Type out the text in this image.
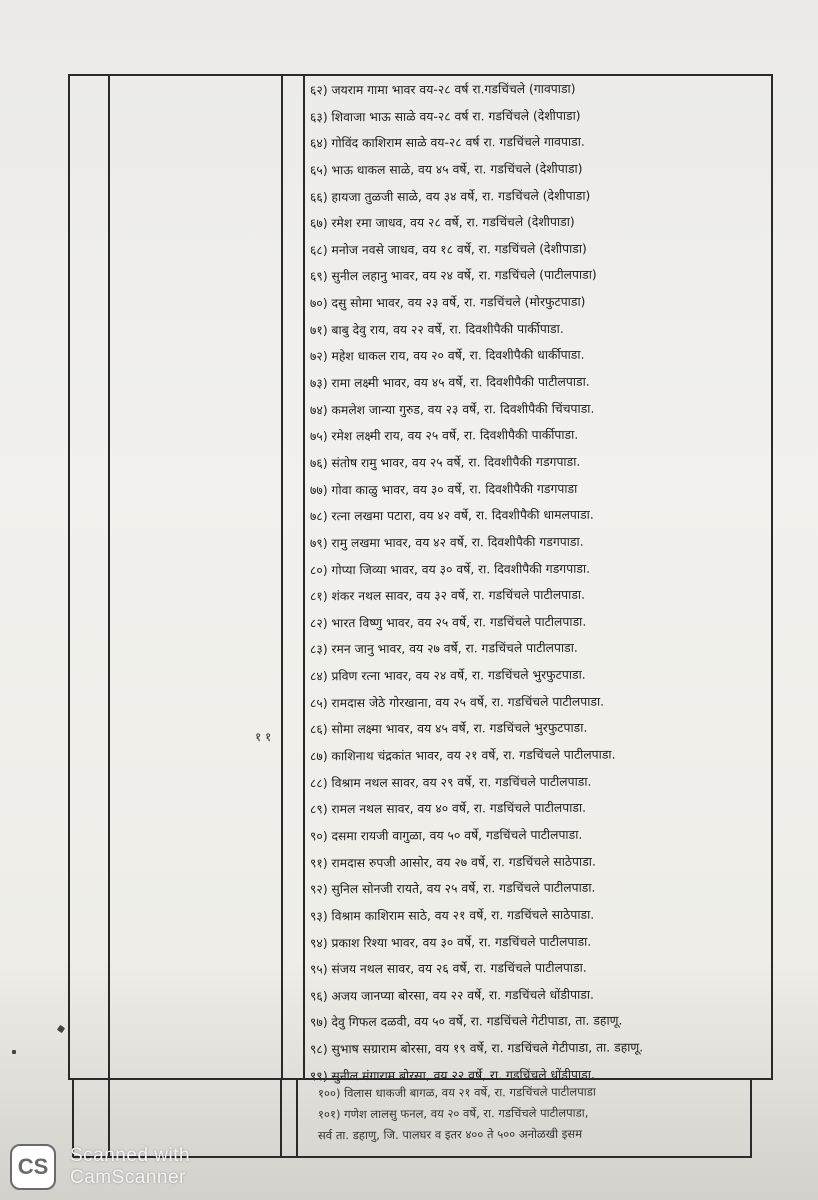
६२) जयराम गामा भावर वय-२८ वर्ष रा.गडचिंचले (गावपाडा)
६३) शिवाजा भाऊ साळे वय-२८ वर्ष रा. गडचिंचले (देशीपाडा)
६४) गोविंद काशिराम साळे वय-२८ वर्ष रा. गडचिंचले गावपाडा.
६५) भाऊ धाकल साळे, वय ४५ वर्षे, रा. गडचिंचले (देशीपाडा)
६६) हायजा तुळजी साळे, वय ३४ वर्षे, रा. गडचिंचले (देशीपाडा)
६७) रमेश रमा जाधव, वय २८ वर्षे, रा. गडचिंचले (देशीपाडा)
६८) मनोज नवसे जाधव, वय १८ वर्षे, रा. गडचिंचले (देशीपाडा)
६९) सुनील लहानु भावर, वय २४ वर्षे, रा. गडचिंचले (पाटीलपाडा)
७०) दसु सोमा भावर, वय २३ वर्षे, रा. गडचिंचले (मोरफुटपाडा)
७१) बाबु देवु राय, वय २२ वर्षे, रा. दिवशीपैकी पार्कीपाडा.
७२) महेश धाकल राय, वय २० वर्षे, रा. दिवशीपैकी धार्कीपाडा.
७३) रामा लक्ष्मी भावर, वय ४५ वर्षे, रा. दिवशीपैकी पाटीलपाडा.
७४) कमलेश जान्या गुरुड, वय २३ वर्षे, रा. दिवशीपैकी चिंचपाडा.
७५) रमेश लक्ष्मी राय, वय २५ वर्षे, रा. दिवशीपैकी पार्कीपाडा.
७६) संतोष रामु भावर, वय २५ वर्षे, रा. दिवशीपैकी गडगपाडा.
७७) गोवा काळु भावर, वय ३० वर्षे, रा. दिवशीपैकी गडगपाडा
७८) रत्ना लखमा पटारा, वय ४२ वर्षे, रा. दिवशीपैकी धामलपाडा.
७९) रामु लखमा भावर, वय ४२ वर्षे, रा. दिवशीपैकी गडगपाडा.
८०) गोप्या जिव्या भावर, वय ३० वर्षे, रा. दिवशीपैकी गडगपाडा.
८१) शंकर नथल सावर, वय ३२ वर्षे, रा. गडचिंचले पाटीलपाडा.
८२) भारत विष्णु भावर, वय २५ वर्षे, रा. गडचिंचले पाटीलपाडा.
८३) रमन जानु भावर, वय २७ वर्षे, रा. गडचिंचले पाटीलपाडा.
८४) प्रविण रत्ना भावर, वय २४ वर्षे, रा. गडचिंचले भुरफुटपाडा.
८५) रामदास जेठे गोरखाना, वय २५ वर्षे, रा. गडचिंचले पाटीलपाडा.
८६) सोमा लक्ष्मा भावर, वय ४५ वर्षे, रा. गडचिंचले भुरफुटपाडा.
८७) काशिनाथ चंद्रकांत भावर, वय २१ वर्षे, रा. गडचिंचले पाटीलपाडा.
८८) विश्राम नथल सावर, वय २९ वर्षे, रा. गडचिंचले पाटीलपाडा.
८९) रामल नथल सावर, वय ४० वर्षे, रा. गडचिंचले पाटीलपाडा.
९०) दसमा रायजी वागुळा, वय ५० वर्षे, गडचिंचले पाटीलपाडा.
९१) रामदास रुपजी आसोर, वय २७ वर्षे, रा. गडचिंचले साठेपाडा.
९२) सुनिल सोनजी रायते, वय २५ वर्षे, रा. गडचिंचले पाटीलपाडा.
९३) विश्राम काशिराम साठे, वय २१ वर्षे, रा. गडचिंचले साठेपाडा.
९४) प्रकाश रिश्या भावर, वय ३० वर्षे, रा. गडचिंचले पाटीलपाडा.
९५) संजय नथल सावर, वय २६ वर्षे, रा. गडचिंचले पाटीलपाडा.
९६) अजय जानप्या बोरसा, वय २२ वर्षे, रा. गडचिंचले धोंडीपाडा.
९७) देवु गिफल दळवी, वय ५० वर्षे, रा. गडचिंचले गेटीपाडा, ता. डहाणू.
९८) सुभाष सग्राराम बोरसा, वय १९ वर्षे, रा. गडचिंचले गेटीपाडा, ता. डहाणू.
९९) सुनील मंगाराम बोरसा, वय २२ वर्षे, रा. गडचिंचले धोंडीपाडा.
१ १
१००) विलास धाकजी बागळ, वय २१ वर्षे, रा. गडचिंचले पाटीलपाडा
१०१) गणेश लालसु फनल, वय २० वर्षे, रा. गडचिंचले पाटीलपाडा,
सर्व ता. डहाणु, जि. पालघर व इतर ४०० ते ५०० अनोळखी इसम
CS	Scanned with
CamScanner
